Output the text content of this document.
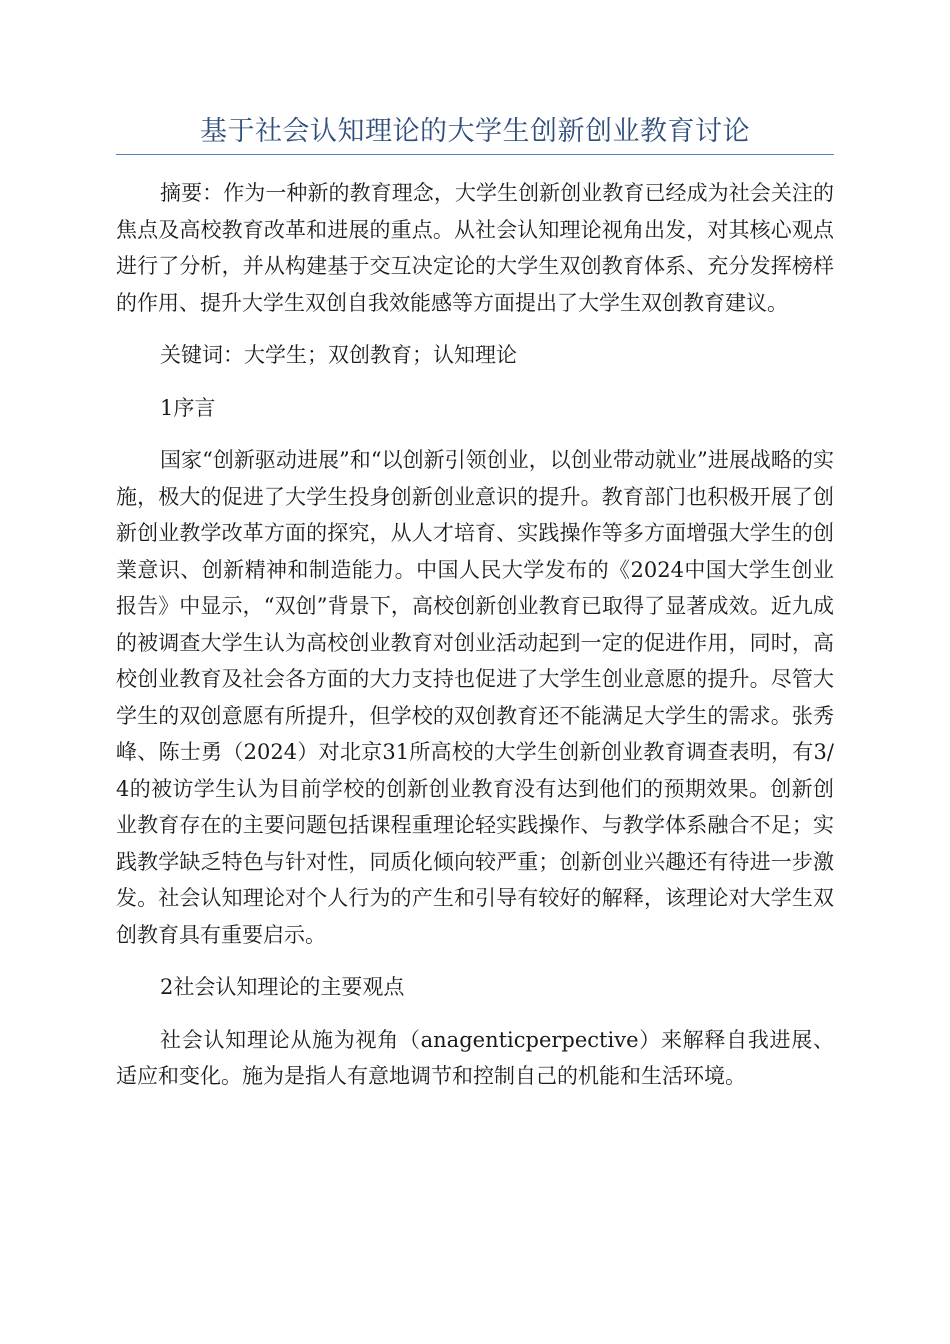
基于社会认知理论的大学生创新创业教育讨论

摘要：作为一种新的教育理念，大学生创新创业教育已经成为社会关注的焦点及高校教育改革和进展的重点。从社会认知理论视角出发，对其核心观点进行了分析，并从构建基于交互决定论的大学生双创教育体系、充分发挥榜样的作用、提升大学生双创自我效能感等方面提出了大学生双创教育建议。

关键词：大学生；双创教育；认知理论

1序言

国家“创新驱动进展”和“以创新引领创业，以创业带动就业”进展战略的实施，极大的促进了大学生投身创新创业意识的提升。教育部门也积极开展了创新创业教学改革方面的探究，从人才培育、实践操作等多方面增强大学生的创業意识、创新精神和制造能力。中国人民大学发布的《2024中国大学生创业报告》中显示，“双创”背景下，高校创新创业教育已取得了显著成效。近九成的被调查大学生认为高校创业教育对创业活动起到一定的促进作用，同时，高校创业教育及社会各方面的大力支持也促进了大学生创业意愿的提升。尽管大学生的双创意愿有所提升，但学校的双创教育还不能满足大学生的需求。张秀峰、陈士勇（2024）对北京31所高校的大学生创新创业教育调查表明，有3/4的被访学生认为目前学校的创新创业教育没有达到他们的预期效果。创新创业教育存在的主要问题包括课程重理论轻实践操作、与教学体系融合不足；实践教学缺乏特色与针对性，同质化倾向较严重；创新创业兴趣还有待进一步激发。社会认知理论对个人行为的产生和引导有较好的解释，该理论对大学生双创教育具有重要启示。

2社会认知理论的主要观点

社会认知理论从施为视角（anagenticperpective）来解释自我进展、适应和变化。施为是指人有意地调节和控制自己的机能和生活环境。
